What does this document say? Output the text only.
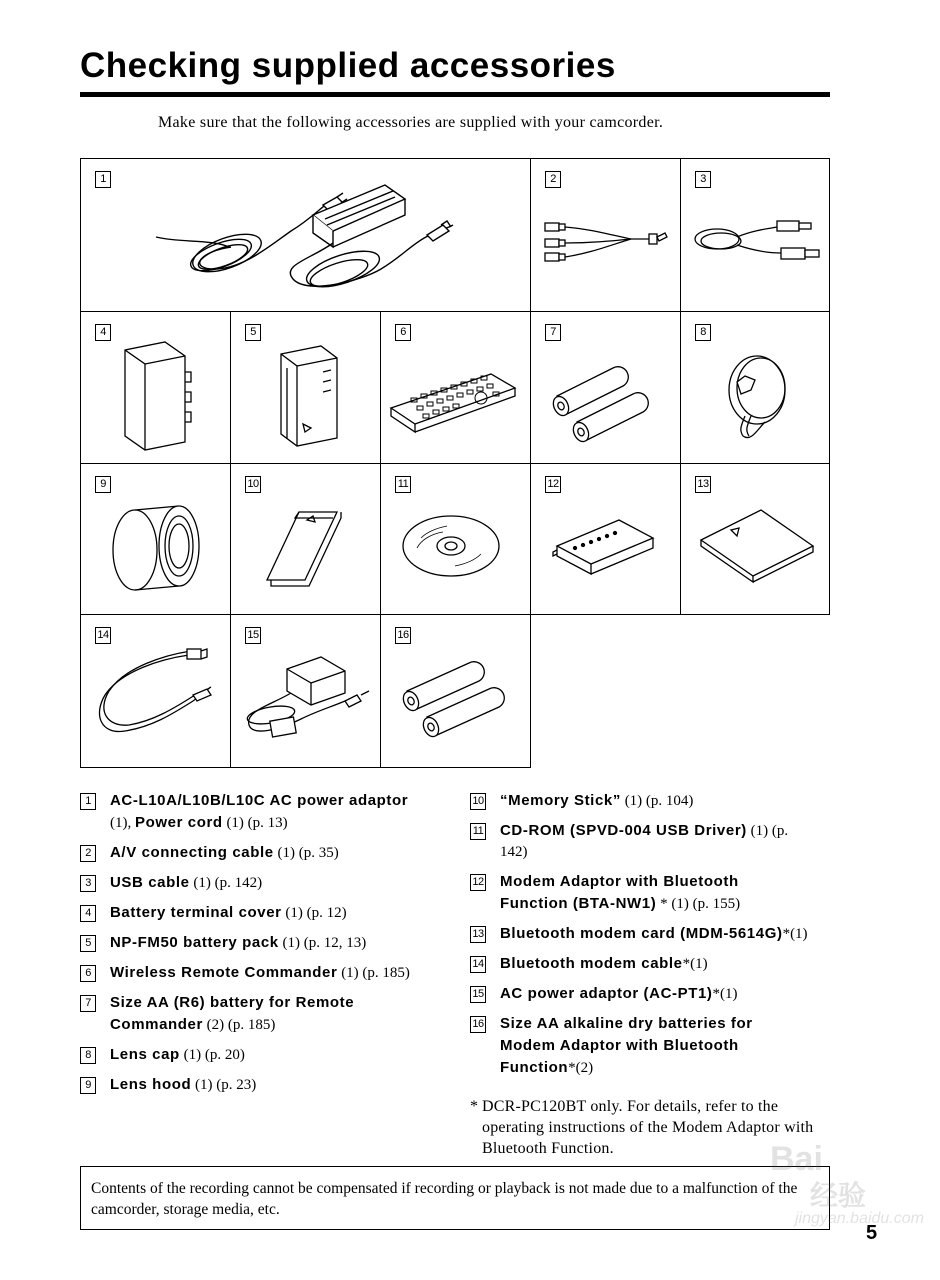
Checking supplied accessories
Make sure that the following accessories are supplied with your camcorder.
1	2	3
4	5	6	7	8
9	10	11	12	13
14	15	16
1	AC-L10A/L10B/L10C AC power adaptor (1), Power cord (1) (p. 13)
2	A/V connecting cable (1) (p. 35)
3	USB cable (1) (p. 142)
4	Battery terminal cover (1) (p. 12)
5	NP-FM50 battery pack (1) (p. 12, 13)
6	Wireless Remote Commander (1) (p. 185)
7	Size AA (R6) battery for Remote Commander (2) (p. 185)
8	Lens cap (1) (p. 20)
9	Lens hood (1) (p. 23)
10 “Memory Stick” (1) (p. 104)
11 CD-ROM (SPVD-004 USB Driver) (1) (p. 142)
12 Modem Adaptor with Bluetooth Function (BTA-NW1) * (1) (p. 155)
13 Bluetooth modem card (MDM-5614G)*(1)
14 Bluetooth modem cable*(1)
15 AC power adaptor (AC-PT1)*(1)
16 Size AA alkaline dry batteries for Modem Adaptor with Bluetooth Function*(2)
* DCR-PC120BT only. For details, refer to the operating instructions of the Modem Adaptor with Bluetooth Function.
Contents of the recording cannot be compensated if recording or playback is not made due to a malfunction of the camcorder, storage media, etc.
Bai
经验
jingyan.baidu.com
5
